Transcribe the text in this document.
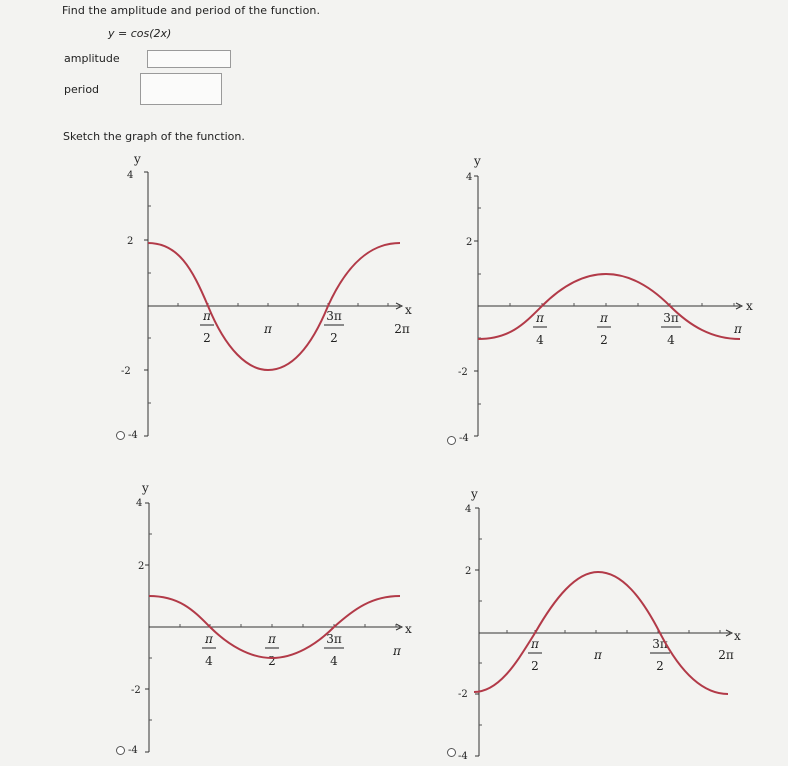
Find the amplitude and period of the function.
y = cos(2x)
amplitude
period
Sketch the graph of the function.
y
x
4
2
-2
-4
π
2
π
3π
2
2π
y
x
4
2
-2
-4
π
4
π
2
3π
4
π
y
x
4
2
-2
-4
π
4
π
2
3π
4
π
y
x
4
2
-2
-4
π
2
π
3π
2
2π
